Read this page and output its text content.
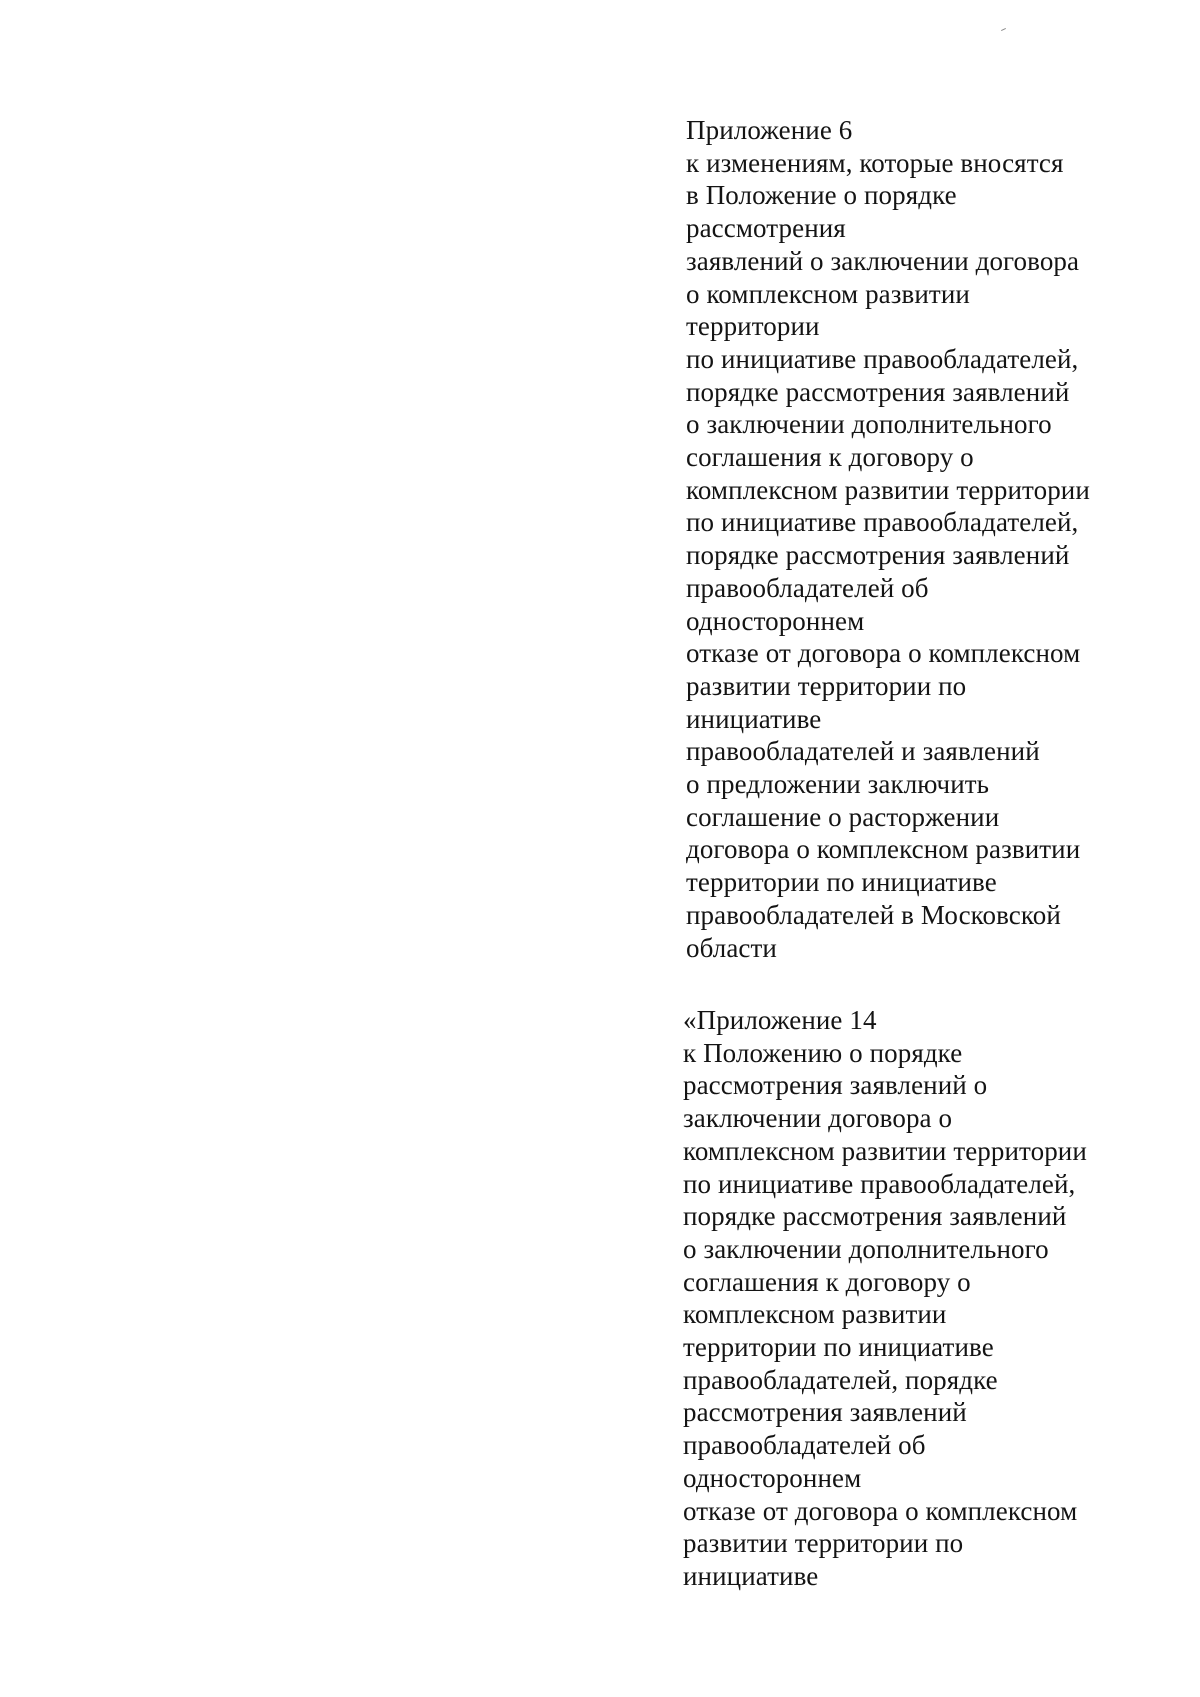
Приложение 6
к изменениям, которые вносятся
в Положение о порядке
рассмотрения
заявлений о заключении договора
о комплексном развитии
территории
по инициативе правообладателей,
порядке рассмотрения заявлений
о заключении дополнительного
соглашения к договору о
комплексном развитии территории
по инициативе правообладателей,
порядке рассмотрения заявлений
правообладателей об
одностороннем
отказе от договора о комплексном
развитии территории по
инициативе
правообладателей и заявлений
о предложении заключить
соглашение о расторжении
договора о комплексном развитии
территории по инициативе
правообладателей в Московской
области
«Приложение 14
к Положению о порядке
рассмотрения заявлений о
заключении договора о
комплексном развитии территории
по инициативе правообладателей,
порядке рассмотрения заявлений
о заключении дополнительного
соглашения к договору о
комплексном развитии
территории по инициативе
правообладателей, порядке
рассмотрения заявлений
правообладателей об
одностороннем
отказе от договора о комплексном
развитии территории по
инициативе
